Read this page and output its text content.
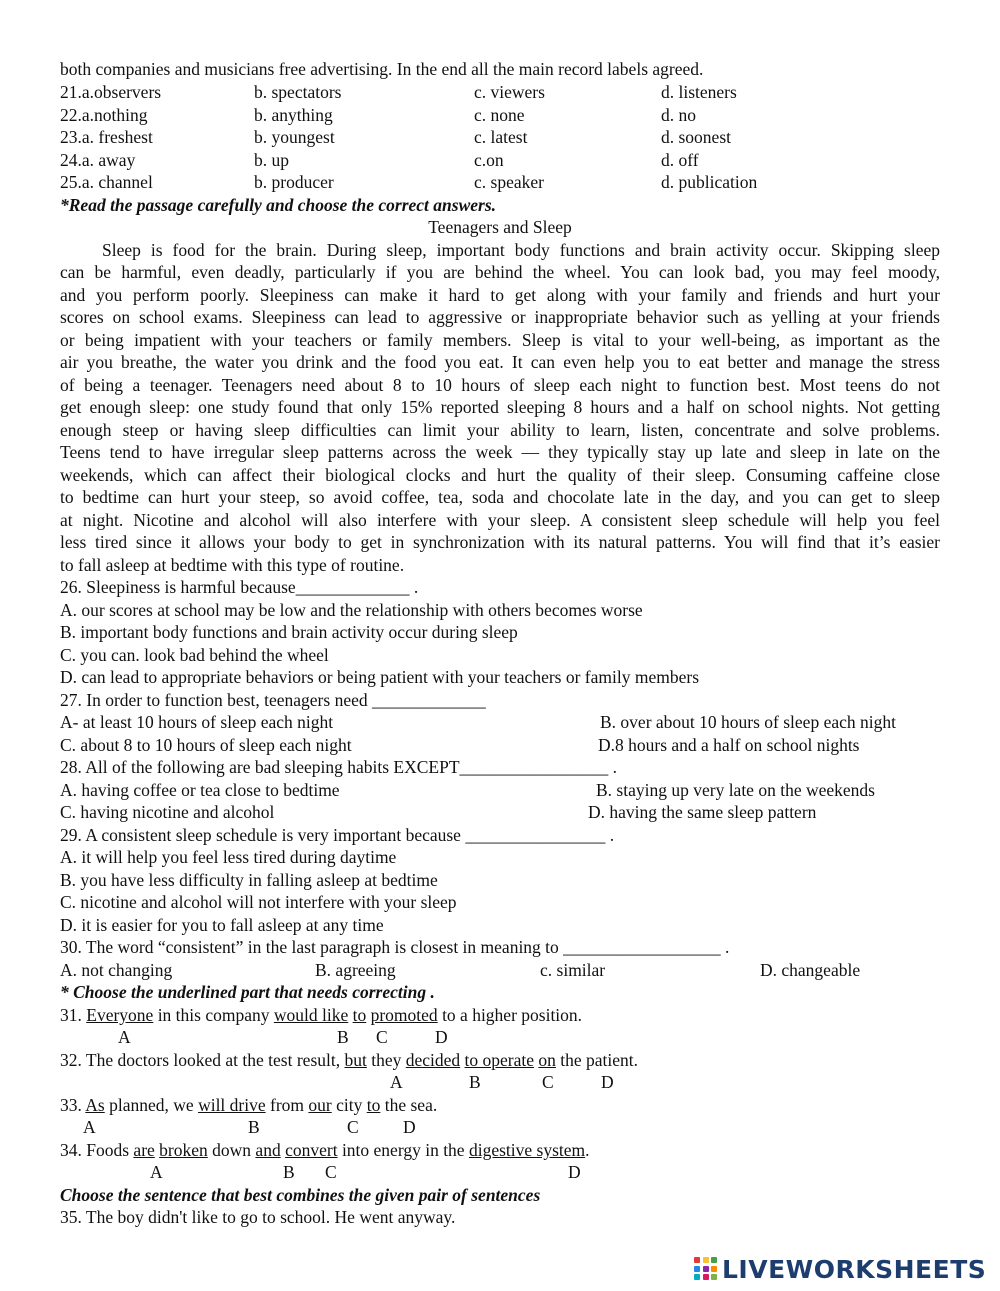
both companies and musicians free advertising. In the end all the main record labels agreed.
21.a.observers	b. spectators	c. viewers	d. listeners
22.a.nothing	b. anything	c. none	d. no
23.a. freshest	b. youngest	c. latest	d. soonest
24.a. away	b. up	c.on	d. off
25.a. channel	b. producer	c. speaker	d. publication
*Read the passage carefully and choose the correct answers.
Teenagers and Sleep
Sleep is food for the brain. During sleep, important body functions and brain activity occur. Skipping sleep
can be harmful, even deadly, particularly if you are behind the wheel. You can look bad, you may feel moody,
and you perform poorly. Sleepiness can make it hard to get along with your family and friends and hurt your
scores on school exams. Sleepiness can lead to aggressive or inappropriate behavior such as yelling at your friends
or being impatient with your teachers or family members. Sleep is vital to your well-being, as important as the
air you breathe, the water you drink and the food you eat. It can even help you to eat better and manage the stress
of being a teenager. Teenagers need about 8 to 10 hours of sleep each night to function best. Most teens do not
get enough sleep: one study found that only 15% reported sleeping 8 hours and a half on school nights. Not getting
enough steep or having sleep difficulties can limit your ability to learn, listen, concentrate and solve problems.
Teens tend to have irregular sleep patterns across the week — they typically stay up late and sleep in late on the
weekends, which can affect their biological clocks and hurt the quality of their sleep. Consuming caffeine close
to bedtime can hurt your steep, so avoid coffee, tea, soda and chocolate late in the day, and you can get to sleep
at night. Nicotine and alcohol will also interfere with your sleep. A consistent sleep schedule will help you feel
less tired since it allows your body to get in synchronization with its natural patterns. You will find that it’s easier
to fall asleep at bedtime with this type of routine.
26. Sleepiness is harmful because_____________ .
A. our scores at school may be low and the relationship with others becomes worse
B. important body functions and brain activity occur during sleep
C. you can. look bad behind the wheel
D. can lead to appropriate behaviors or being patient with your teachers or family members
27. In order to function best, teenagers need _____________
A- at least 10 hours of sleep each night	B. over about 10 hours of sleep each night
C. about 8 to 10 hours of sleep each night	D.8 hours and a half on school nights
28. All of the following are bad sleeping habits EXCEPT_________________ .
A. having coffee or tea close to bedtime	B. staying up very late on the weekends
C. having nicotine and alcohol	D. having the same sleep pattern
29. A consistent sleep schedule is very important because ________________ .
A. it will help you feel less tired during daytime
B. you have less difficulty in falling asleep at bedtime
C. nicotine and alcohol will not interfere with your sleep
D. it is easier for you to fall asleep at any time
30. The word “consistent” in the last paragraph is closest in meaning to __________________ .
A. not changing	B. agreeing	c. similar	D. changeable
* Choose the underlined part that needs correcting .
31. Everyone in this company would like to promoted to a higher position.
A	B C	D
32. The doctors looked at the test result, but they decided to operate on the patient.
A	B	C	D
33. As planned, we will drive from our city to the sea.
A	B	C	D
34. Foods are broken down and convert into energy in the digestive system.
A	B C	D
Choose the sentence that best combines the given pair of sentences
35. The boy didn't like to go to school. He went anyway.
LIVEWORKSHEETS
